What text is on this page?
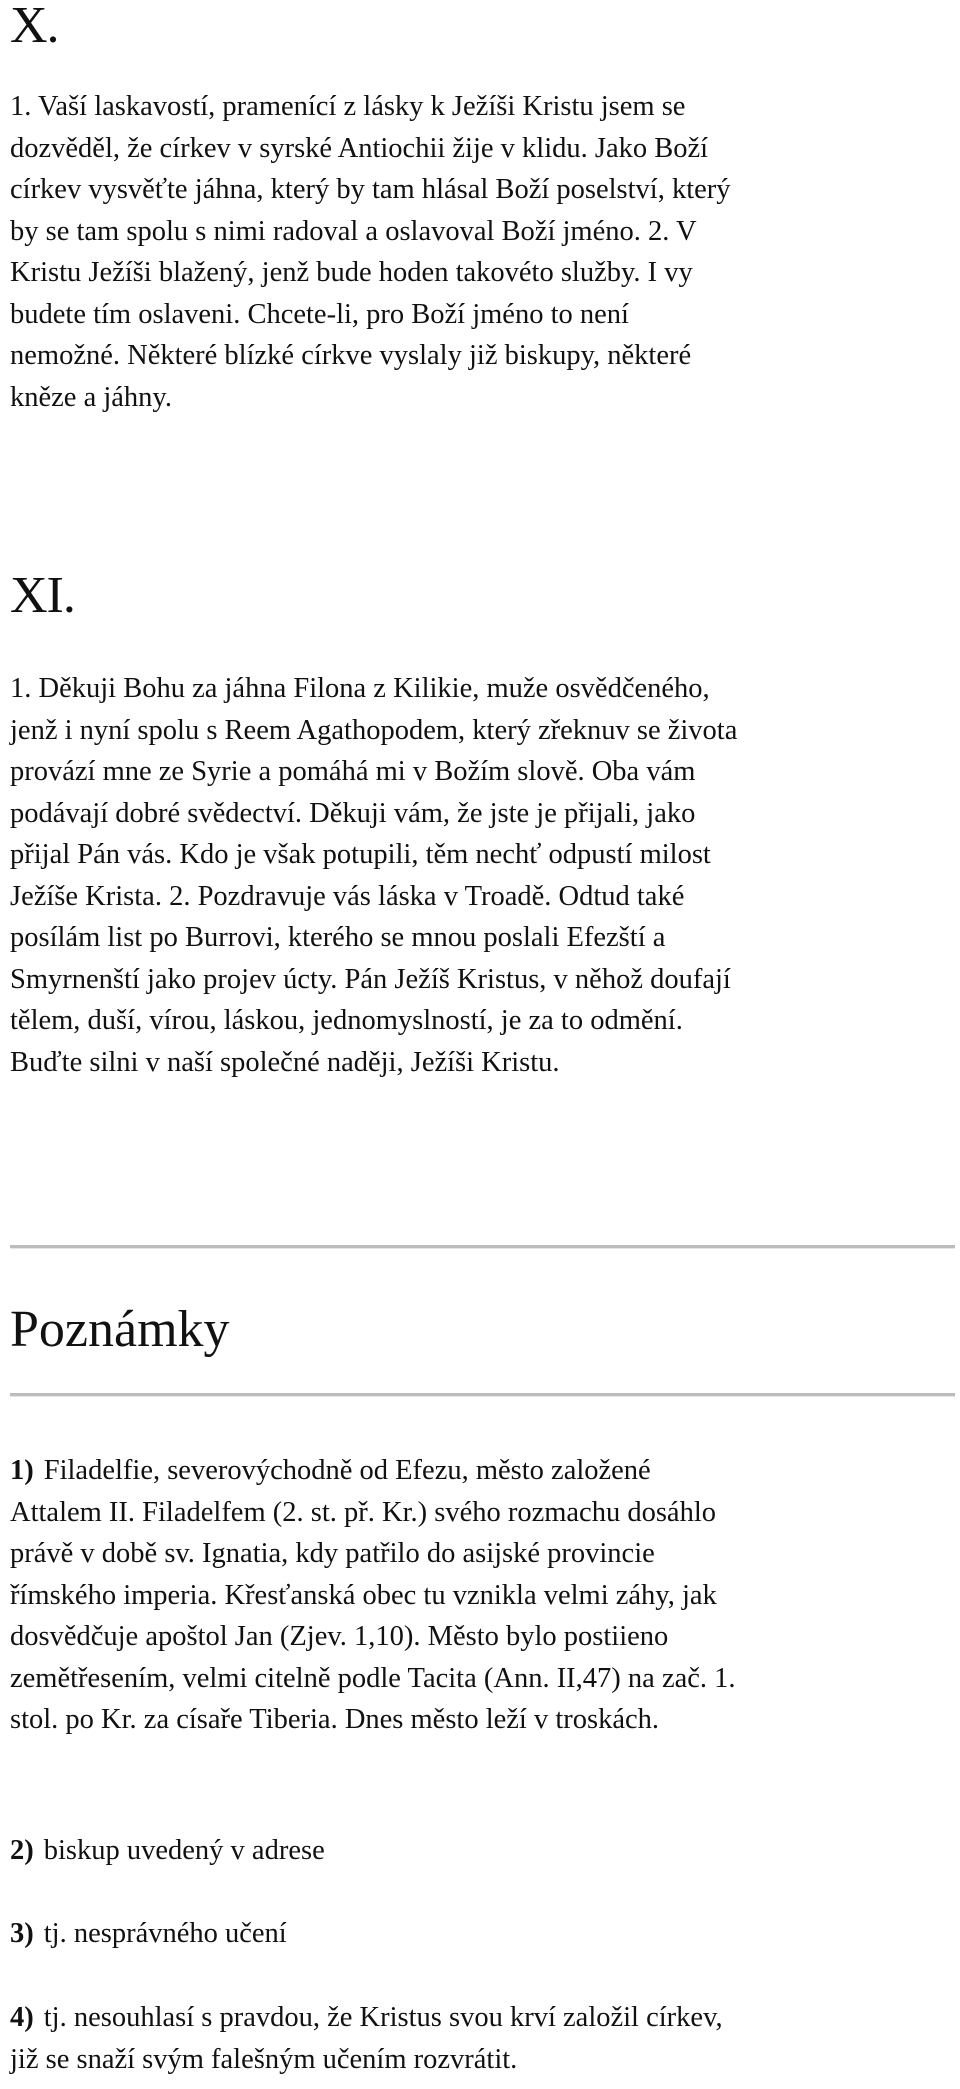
X.

1. Vaší laskavostí, pramenící z lásky k Ježíši Kristu jsem se
dozvěděl, že církev v syrské Antiochii žije v klidu. Jako Boží
církev vysvěťte jáhna, který by tam hlásal Boží poselství, který
by se tam spolu s nimi radoval a oslavoval Boží jméno. 2. V
Kristu Ježíši blažený, jenž bude hoden takovéto služby. I vy
budete tím oslaveni. Chcete-li, pro Boží jméno to není
nemožné. Některé blízké církve vyslaly již biskupy, některé
kněze a jáhny.

XI.

1. Děkuji Bohu za jáhna Filona z Kilikie, muže osvědčeného,
jenž i nyní spolu s Reem Agathopodem, který zřeknuv se života
provází mne ze Syrie a pomáhá mi v Božím slově. Oba vám
podávají dobré svědectví. Děkuji vám, že jste je přijali, jako
přijal Pán vás. Kdo je však potupili, těm nechť odpustí milost
Ježíše Krista. 2. Pozdravuje vás láska v Troadě. Odtud také
posílám list po Burrovi, kterého se mnou poslali Efezští a
Smyrnenští jako projev úcty. Pán Ježíš Kristus, v něhož doufají
tělem, duší, vírou, láskou, jednomyslností, je za to odmění.
Buďte silni v naší společné naději, Ježíši Kristu.

Poznámky

1) Filadelfie, severovýchodně od Efezu, město založené
Attalem II. Filadelfem (2. st. př. Kr.) svého rozmachu dosáhlo
právě v době sv. Ignatia, kdy patřilo do asijské provincie
římského imperia. Křesťanská obec tu vznikla velmi záhy, jak
dosvědčuje apoštol Jan (Zjev. 1,10). Město bylo postiieno
zemětřesením, velmi citelně podle Tacita (Ann. II,47) na zač. 1.
stol. po Kr. za císaře Tiberia. Dnes město leží v troskách.

2) biskup uvedený v adrese

3) tj. nesprávného učení

4) tj. nesouhlasí s pravdou, že Kristus svou krví založil církev,
již se snaží svým falešným učením rozvrátit.
